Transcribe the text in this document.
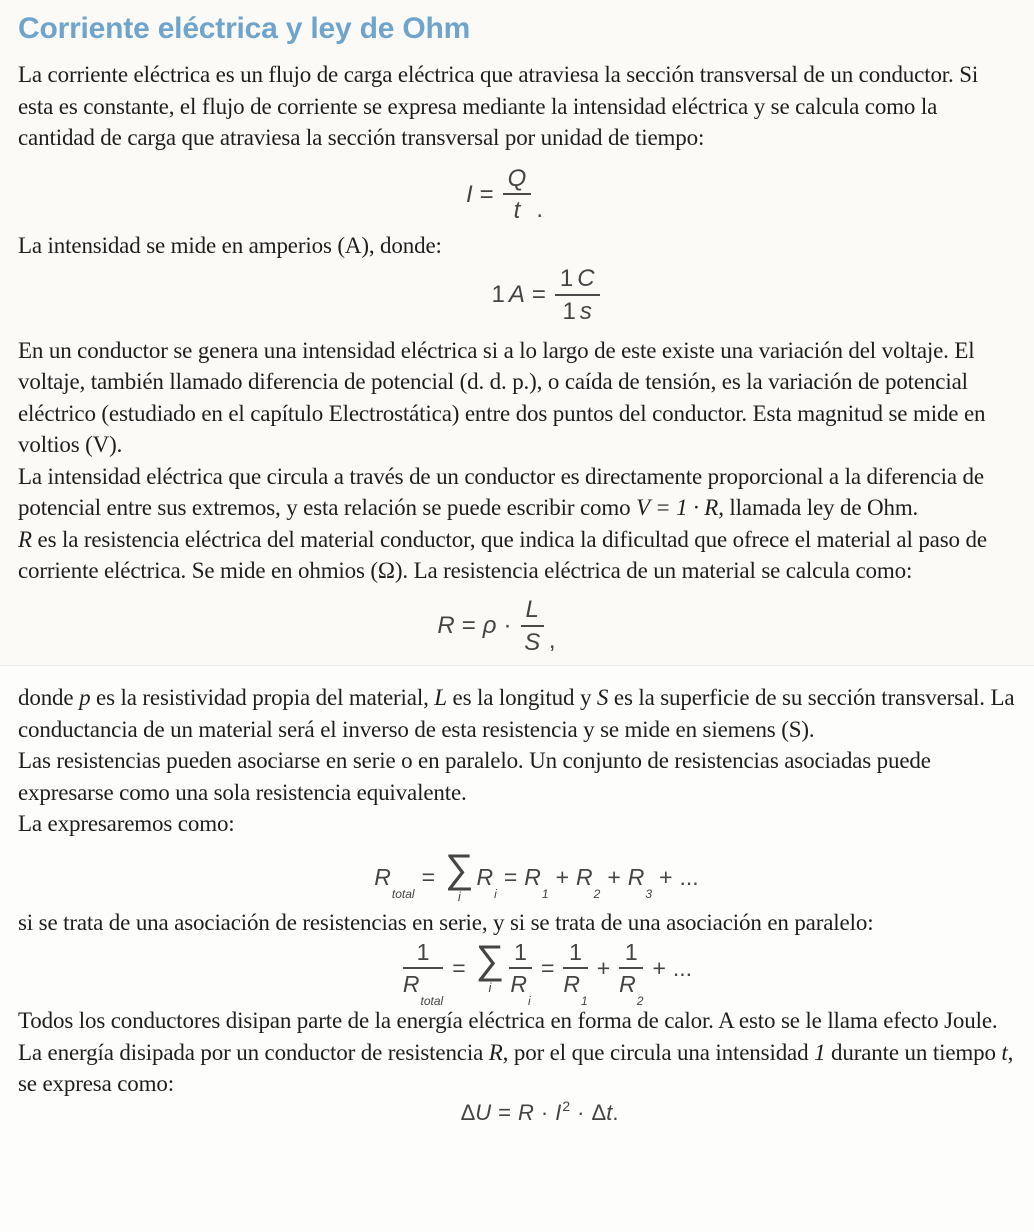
Corriente eléctrica y ley de Ohm

La corriente eléctrica es un flujo de carga eléctrica que atraviesa la sección transversal de un conductor. Si esta es constante, el flujo de corriente se expresa mediante la intensidad eléctrica y se calcula como la cantidad de carga que atraviesa la sección transversal por unidad de tiempo:

$I = \frac{Q}{t}$ .

La intensidad se mide en amperios (A), donde:

1 $A = \frac{1 C}{1 s}$

En un conductor se genera una intensidad eléctrica si a lo largo de este existe una variación del voltaje. El voltaje, también llamado diferencia de potencial (d. d. p.), o caída de tensión, es la variación de potencial eléctrico (estudiado en el capítulo Electrostática) entre dos puntos del conductor. Esta magnitud se mide en voltios (V).

La intensidad eléctrica que circula a través de un conductor es directamente proporcional a la diferencia de potencial entre sus extremos, y esta relación se puede escribir como V = 1 · R, llamada ley de Ohm.

R es la resistencia eléctrica del material conductor, que indica la dificultad que ofrece el material al paso de corriente eléctrica. Se mide en ohmios (Ω). La resistencia eléctrica de un material se calcula como:

$R = \rho \cdot \frac{L}{S}$ ,

donde p es la resistividad propia del material, L es la longitud y S es la superficie de su sección transversal. La conductancia de un material será el inverso de esta resistencia y se mide en siemens (S).

Las resistencias pueden asociarse en serie o en paralelo. Un conjunto de resistencias asociadas puede expresarse como una sola resistencia equivalente.

La expresaremos como:

$R_{total}$
= ∑
i
$R_i$
= $R_1$
+ $R_2$
+ $R_3$
+ ...

si se trata de una asociación de resistencias en serie, y si se trata de una asociación en paralelo:

$\frac{1}{R_{total}}$ = ∑
i $\frac{1}{R_i} = \frac{1}{R_1} + \frac{1}{R_2}$ + ...

Todos los conductores disipan parte de la energía eléctrica en forma de calor. A esto se le llama efecto Joule. La energía disipada por un conductor de resistencia R, por el que circula una intensidad 1 durante un tiempo t, se expresa como:

Δ $U = R \cdot I^2 \cdot \Delta$ t .
